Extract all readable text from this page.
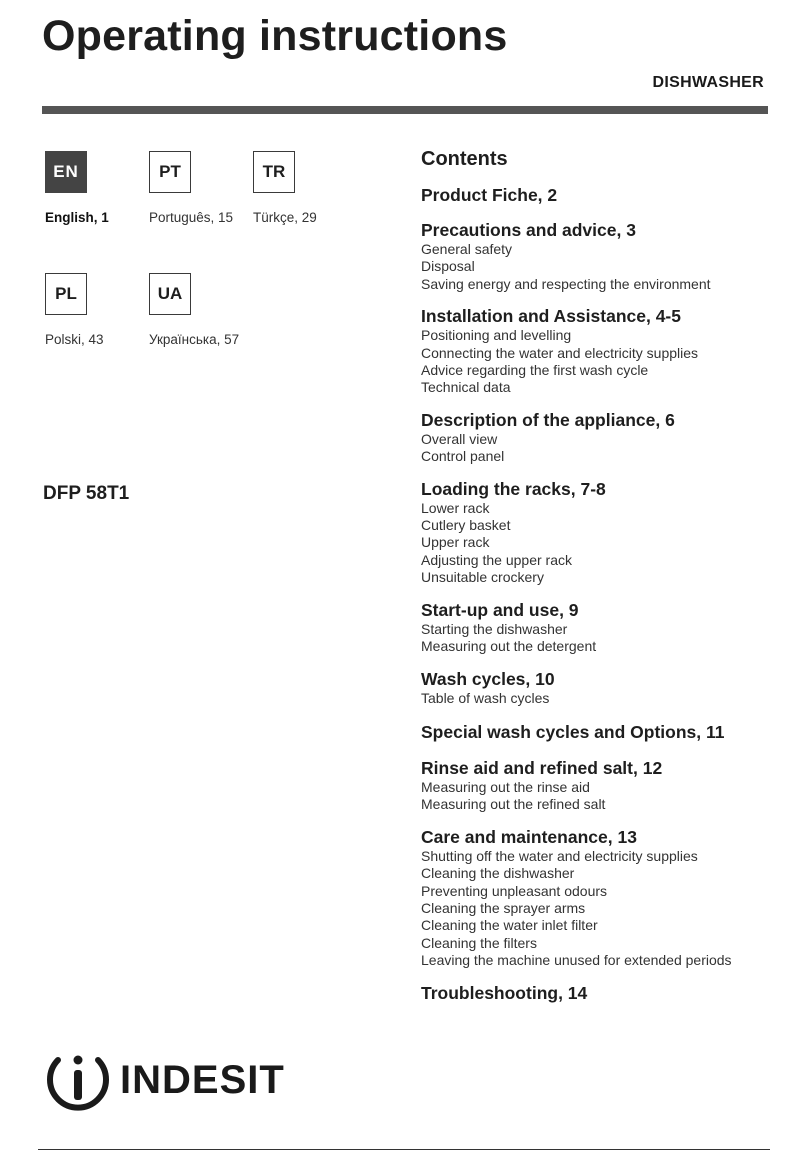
Operating instructions
DISHWASHER
EN
English, 1
PT
Português, 15
TR
Türkçe, 29
PL
Polski, 43
UA
Українська, 57
DFP 58T1
Contents
Product Fiche, 2
Precautions and advice, 3
General safety
Disposal
Saving energy and respecting the environment
Installation and Assistance, 4-5
Positioning and levelling
Connecting the water and electricity supplies
Advice regarding the first wash cycle
Technical data
Description of the appliance, 6
Overall view
Control panel
Loading the racks, 7-8
Lower rack
Cutlery basket
Upper rack
Adjusting the upper rack
Unsuitable crockery
Start-up and use, 9
Starting the dishwasher
Measuring out the detergent
Wash cycles, 10
Table of wash cycles
Special wash cycles and Options, 11
Rinse aid and refined salt, 12
Measuring out the rinse aid
Measuring out the refined salt
Care and maintenance, 13
Shutting off the water and electricity supplies
Cleaning the dishwasher
Preventing unpleasant odours
Cleaning the sprayer arms
Cleaning the water inlet filter
Cleaning the filters
Leaving the machine unused for extended periods
Troubleshooting, 14
INDESIT
